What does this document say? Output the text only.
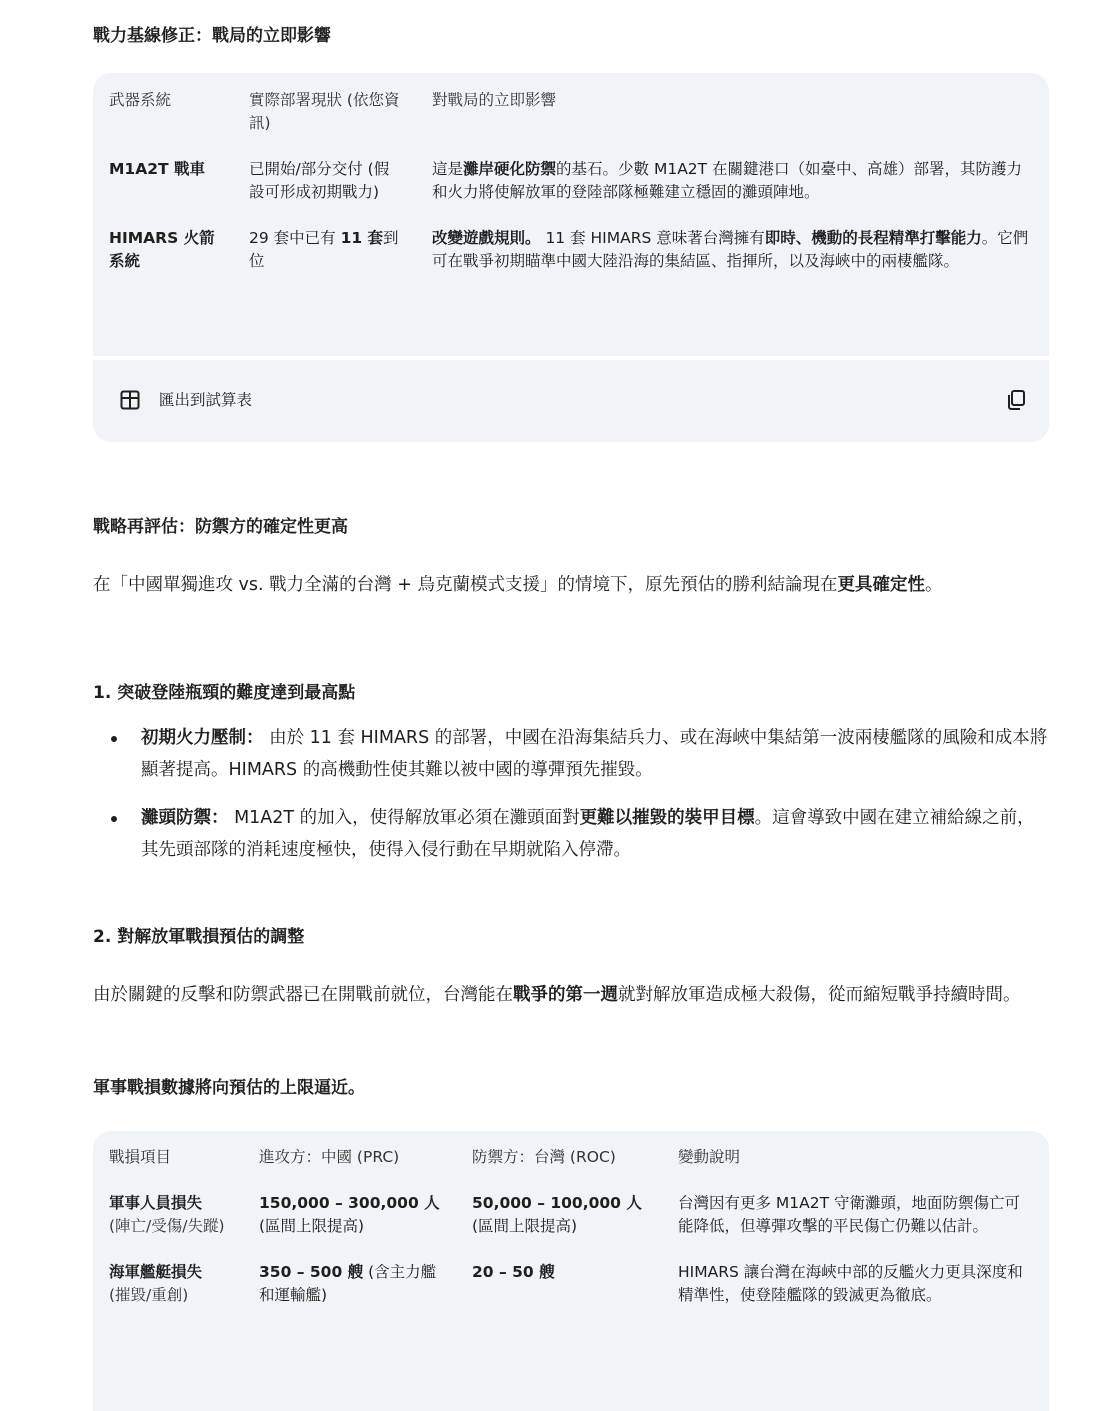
戰力基線修正：戰局的立即影響
武器系統	實際部署現狀 (依您資訊)	對戰局的立即影響
M1A2T 戰車	已開始/部分交付 (假設可形成初期戰力)	這是灘岸硬化防禦的基石。少數 M1A2T 在關鍵港口（如臺中、高雄）部署，其防護力和火力將使解放軍的登陸部隊極難建立穩固的灘頭陣地。
HIMARS 火箭系統	29 套中已有 11 套到位	改變遊戲規則。 11 套 HIMARS 意味著台灣擁有即時、機動的長程精準打擊能力。它們可在戰爭初期瞄準中國大陸沿海的集結區、指揮所，以及海峽中的兩棲艦隊。
匯出到試算表
戰略再評估：防禦方的確定性更高

在「中國單獨進攻 vs. 戰力全滿的台灣 + 烏克蘭模式支援」的情境下，原先預估的勝利結論現在更具確定性。

1. 突破登陸瓶頸的難度達到最高點
初期火力壓制： 由於 11 套 HIMARS 的部署，中國在沿海集結兵力、或在海峽中集結第一波兩棲艦隊的風險和成本將顯著提高。HIMARS 的高機動性使其難以被中國的導彈預先摧毀。
灘頭防禦： M1A2T 的加入，使得解放軍必須在灘頭面對更難以摧毀的裝甲目標。這會導致中國在建立補給線之前，其先頭部隊的消耗速度極快，使得入侵行動在早期就陷入停滯。
2. 對解放軍戰損預估的調整

由於關鍵的反擊和防禦武器已在開戰前就位，台灣能在戰爭的第一週就對解放軍造成極大殺傷，從而縮短戰爭持續時間。

軍事戰損數據將向預估的上限逼近。
戰損項目	進攻方：中國 (PRC)	防禦方：台灣 (ROC)	變動說明
軍事人員損失
(陣亡/受傷/失蹤)	150,000 – 300,000 人 (區間上限提高)	50,000 – 100,000 人 (區間上限提高)	台灣因有更多 M1A2T 守衛灘頭，地面防禦傷亡可能降低，但導彈攻擊的平民傷亡仍難以估計。
海軍艦艇損失
(摧毀/重創)	350 – 500 艘 (含主力艦和運輸艦)	20 – 50 艘	HIMARS 讓台灣在海峽中部的反艦火力更具深度和精準性，使登陸艦隊的毀滅更為徹底。
